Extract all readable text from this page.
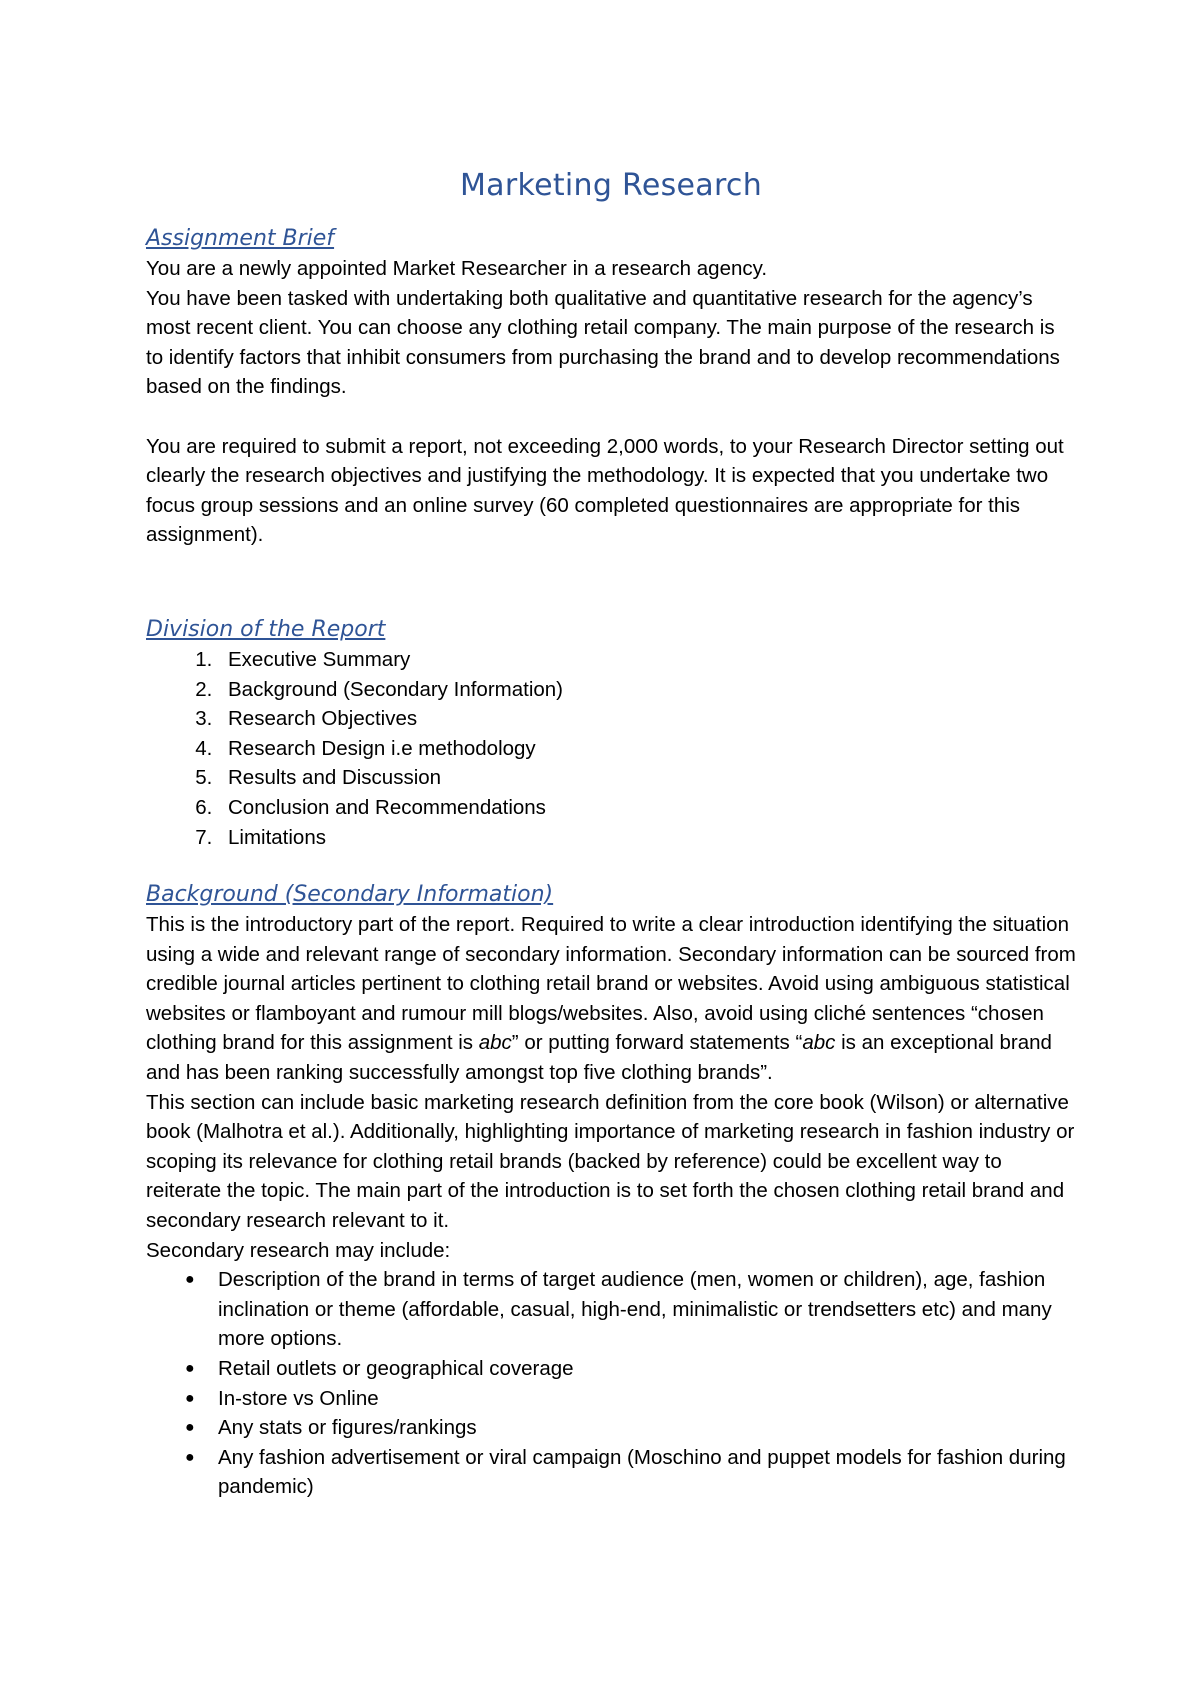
Marketing Research
Assignment Brief

You are a newly appointed Market Researcher in a research agency.

You have been tasked with undertaking both qualitative and quantitative research for the agency’s most recent client. You can choose any clothing retail company. The main purpose of the research is to identify factors that inhibit consumers from purchasing the brand and to develop recommendations based on the findings.

You are required to submit a report, not exceeding 2,000 words, to your Research Director setting out clearly the research objectives and justifying the methodology. It is expected that you undertake two focus group sessions and an online survey (60 completed questionnaires are appropriate for this assignment).

Division of the Report
1. Executive Summary
2. Background (Secondary Information)
3. Research Objectives
4. Research Design i.e methodology
5. Results and Discussion
6. Conclusion and Recommendations
7. Limitations
Background (Secondary Information)

This is the introductory part of the report. Required to write a clear introduction identifying the situation using a wide and relevant range of secondary information. Secondary information can be sourced from credible journal articles pertinent to clothing retail brand or websites. Avoid using ambiguous statistical websites or flamboyant and rumour mill blogs/websites. Also, avoid using cliché sentences “chosen clothing brand for this assignment is abc” or putting forward statements “abc is an exceptional brand and has been ranking successfully amongst top five clothing brands”.

This section can include basic marketing research definition from the core book (Wilson) or alternative book (Malhotra et al.). Additionally, highlighting importance of marketing research in fashion industry or scoping its relevance for clothing retail brands (backed by reference) could be excellent way to reiterate the topic. The main part of the introduction is to set forth the chosen clothing retail brand and secondary research relevant to it.

Secondary research may include:

● Description of the brand in terms of target audience (men, women or children), age, fashion inclination or theme (affordable, casual, high-end, minimalistic or trendsetters etc) and many more options.
● Retail outlets or geographical coverage
● In-store vs Online
● Any stats or figures/rankings
● Any fashion advertisement or viral campaign (Moschino and puppet models for fashion during pandemic)
